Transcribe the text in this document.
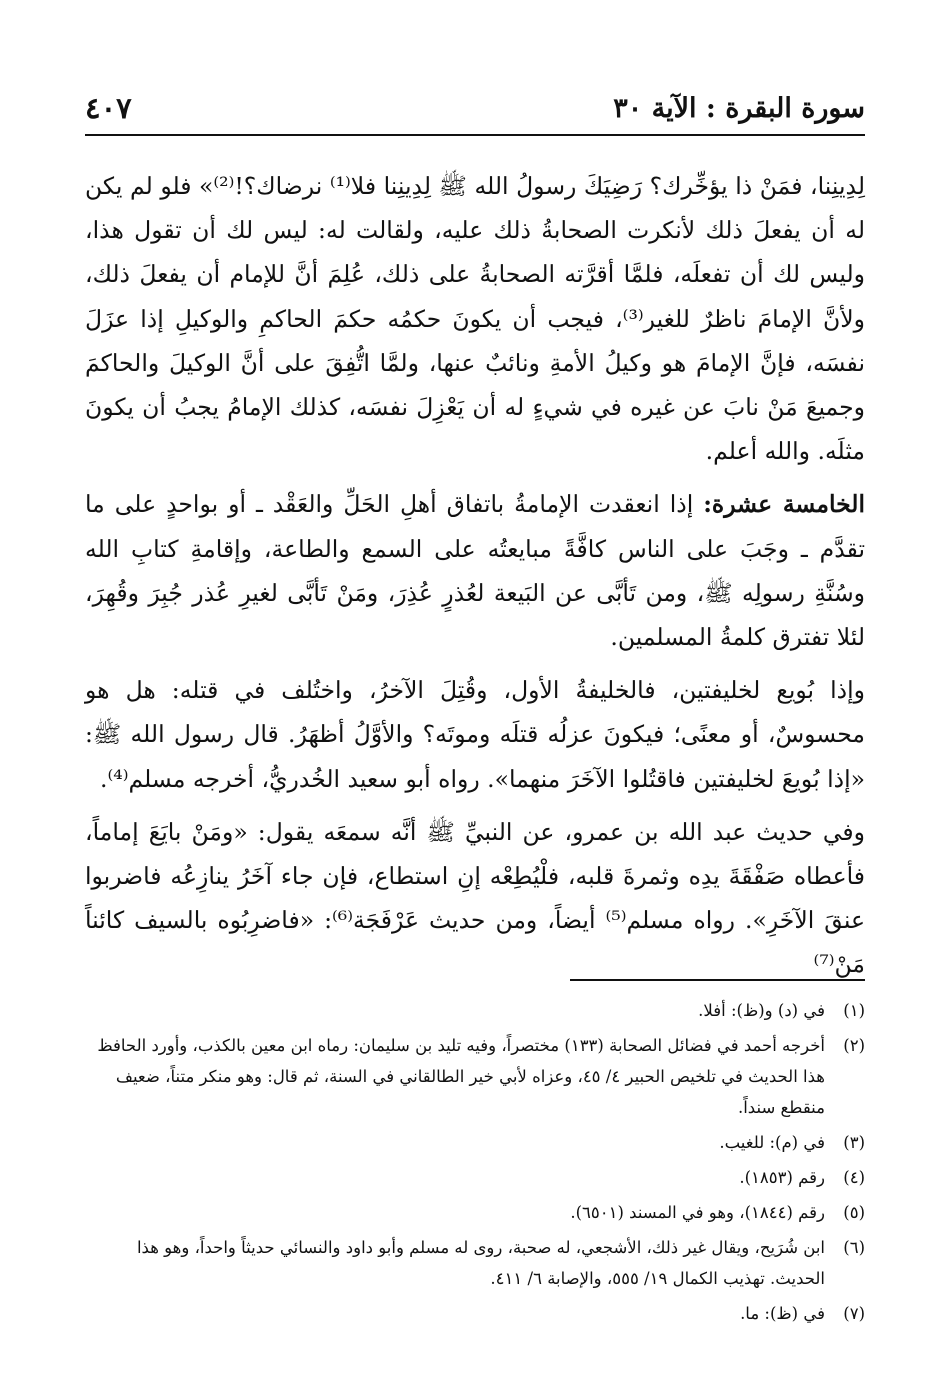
سورة البقرة : الآية ٣٠
٤٠٧

لِدِينِنا، فمَنْ ذا يؤخِّرك؟ رَضِيَكَ رسولُ الله ﷺ لِدِينِنا فلا⁽¹⁾ نرضاك؟!⁽²⁾» فلو لم يكن له أن يفعلَ ذلك لأنكرت الصحابةُ ذلك عليه، ولقالت له: ليس لك أن تقول هذا، وليس لك أن تفعلَه، فلمَّا أقرَّته الصحابةُ على ذلك، عُلِمَ أنَّ للإمام أن يفعلَ ذلك، ولأنَّ الإمامَ ناظرٌ للغير⁽³⁾، فيجب أن يكونَ حكمُه حكمَ الحاكمِ والوكيلِ إذا عزَلَ نفسَه، فإنَّ الإمامَ هو وكيلُ الأمةِ ونائبٌ عنها، ولمَّا اتُّفِقَ على أنَّ الوكيلَ والحاكمَ وجميعَ مَنْ نابَ عن غيره في شيءٍ له أن يَعْزِلَ نفسَه، كذلك الإمامُ يجبُ أن يكونَ مثلَه. والله أعلم.

الخامسة عشرة: إذا انعقدت الإمامةُ باتفاق أهلِ الحَلِّ والعَقْد ـ أو بواحدٍ على ما تقدَّم ـ وجَبَ على الناس كافَّةً مبايعتُه على السمع والطاعة، وإقامةِ كتابِ الله وسُنَّةِ رسولِه ﷺ، ومن تَأبَّى عن البَيعة لعُذرٍ عُذِرَ، ومَنْ تَأبَّى لغيرِ عُذر جُبِرَ وقُهِرَ، لئلا تفترق كلمةُ المسلمين.

وإذا بُويع لخليفتين، فالخليفةُ الأول، وقُتِلَ الآخرُ، واختُلف في قتله: هل هو محسوسٌ، أو معنًى؛ فيكونَ عزلُه قتلَه وموتَه؟ والأوَّلُ أظهَرُ. قال رسول الله ﷺ: «إذا بُويعَ لخليفتين فاقتُلوا الآخَرَ منهما». رواه أبو سعيد الخُدريُّ، أخرجه مسلم⁽⁴⁾.

وفي حديث عبد الله بن عمرو، عن النبيِّ ﷺ أنَّه سمعَه يقول: «ومَنْ بايَعَ إماماً، فأعطاه صَفْقَةَ يدِه وثمرةَ قلبه، فلْيُطِعْه إنِ استطاع، فإن جاء آخَرُ ينازِعُه فاضربوا عنقَ الآخَرِ». رواه مسلم⁽⁵⁾ أيضاً، ومن حديث عَرْفَجَة⁽⁶⁾: «فاضرِبُوه بالسيف كائناً مَنْ⁽⁷⁾

(١)
في (د) و(ظ): أفلا.
(٢)
أخرجه أحمد في فضائل الصحابة (١٣٣) مختصراً، وفيه تليد بن سليمان: رماه ابن معين بالكذب، وأورد الحافظ هذا الحديث في تلخيص الحبير ٤/ ٤٥، وعزاه لأبي خير الطالقاني في السنة، ثم قال: وهو منكر متناً، ضعيف منقطع سنداً.
(٣)
في (م): للغيب.
(٤)
رقم (١٨٥٣).
(٥)
رقم (١٨٤٤)، وهو في المسند (٦٥٠١).
(٦)
ابن شُرَيح، ويقال غير ذلك، الأشجعي، له صحبة، روى له مسلم وأبو داود والنسائي حديثاً واحداً، وهو هذا الحديث. تهذيب الكمال ١٩/ ٥٥٥، والإصابة ٦/ ٤١١.
(٧)
في (ظ): ما.
